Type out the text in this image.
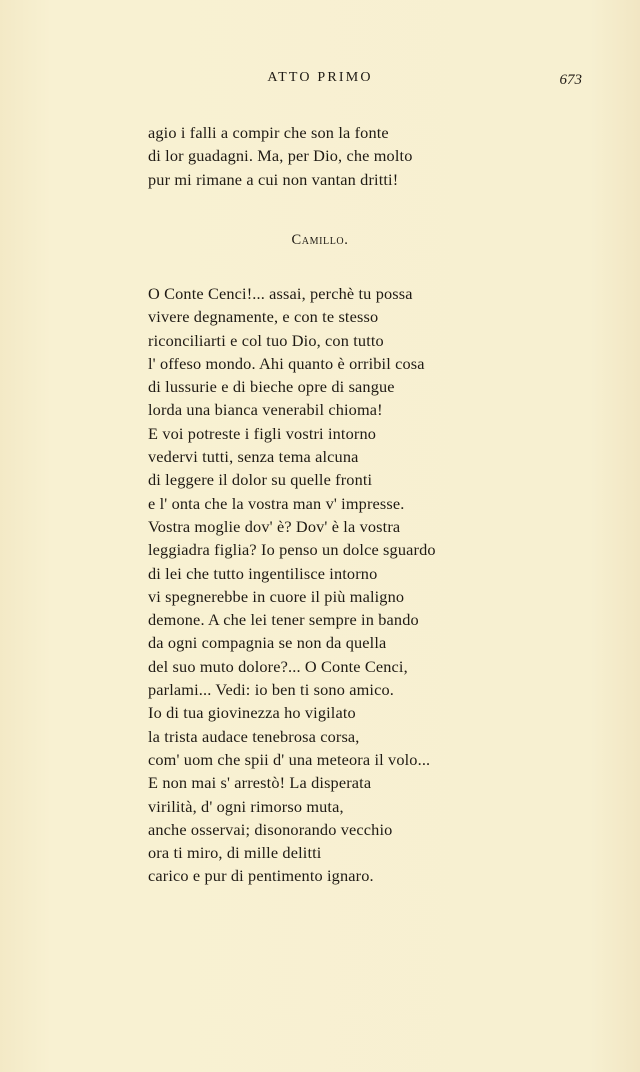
ATTO PRIMO	673
agio i falli a compir che son la fonte
di lor guadagni. Ma, per Dio, che molto
pur mi rimane a cui non vantan dritti!
Camillo.
O Conte Cenci!... assai, perchè tu possa
vivere degnamente, e con te stesso
riconciliarti e col tuo Dio, con tutto
l' offeso mondo. Ahi quanto è orribil cosa
di lussurie e di bieche opre di sangue
lorda una bianca venerabil chioma!
E voi potreste i figli vostri intorno
vedervi tutti, senza tema alcuna
di leggere il dolor su quelle fronti
e l' onta che la vostra man v' impresse.
Vostra moglie dov' è? Dov' è la vostra
leggiadra figlia? Io penso un dolce sguardo
di lei che tutto ingentilisce intorno
vi spegnerebbe in cuore il più maligno
demone. A che lei tener sempre in bando
da ogni compagnia se non da quella
del suo muto dolore?... O Conte Cenci,
parlami... Vedi: io ben ti sono amico.
Io di tua giovinezza ho vigilato
la trista audace tenebrosa corsa,
com' uom che spii d' una meteora il volo...
E non mai s' arrestò! La disperata
virilità, d' ogni rimorso muta,
anche osservai; disonorando vecchio
ora ti miro, di mille delitti
carico e pur di pentimento ignaro.
